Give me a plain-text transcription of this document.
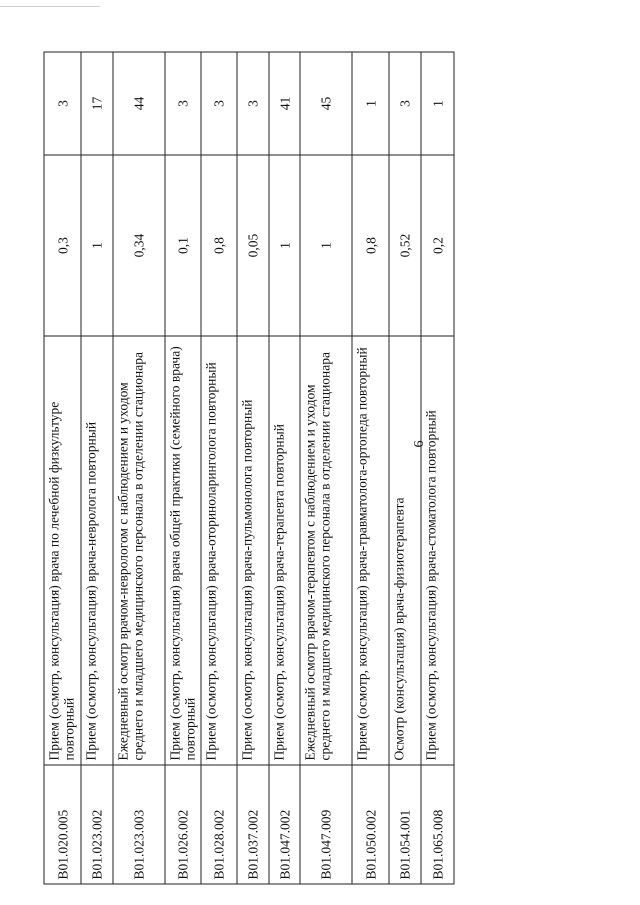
6
B01.020.005	Прием (осмотр, консультация) врача по лечебной физкультуре повторный	0,3	3
B01.023.002	Прием (осмотр, консультация) врача-невролога повторный	1	17
B01.023.003	Ежедневный осмотр врачом-неврологом с наблюдением и уходом среднего и младшего медицинского персонала в отделении стационара	0,34	44
B01.026.002	Прием (осмотр, консультация) врача общей практики (семейного врача) повторный	0,1	3
B01.028.002	Прием (осмотр, консультация) врача-оториноларинголога повторный	0,8	3
B01.037.002	Прием (осмотр, консультация) врача-пульмонолога повторный	0,05	3
B01.047.002	Прием (осмотр, консультация) врача-терапевта повторный	1	41
B01.047.009	Ежедневный осмотр врачом-терапевтом с наблюдением и уходом среднего и младшего медицинского персонала в отделении стационара	1	45
B01.050.002	Прием (осмотр, консультация) врача-травматолога-ортопеда повторный	0,8	1
B01.054.001	Осмотр (консультация) врача-физиотерапевта	0,52	3
B01.065.008	Прием (осмотр, консультация) врача-стоматолога повторный	0,2	1
